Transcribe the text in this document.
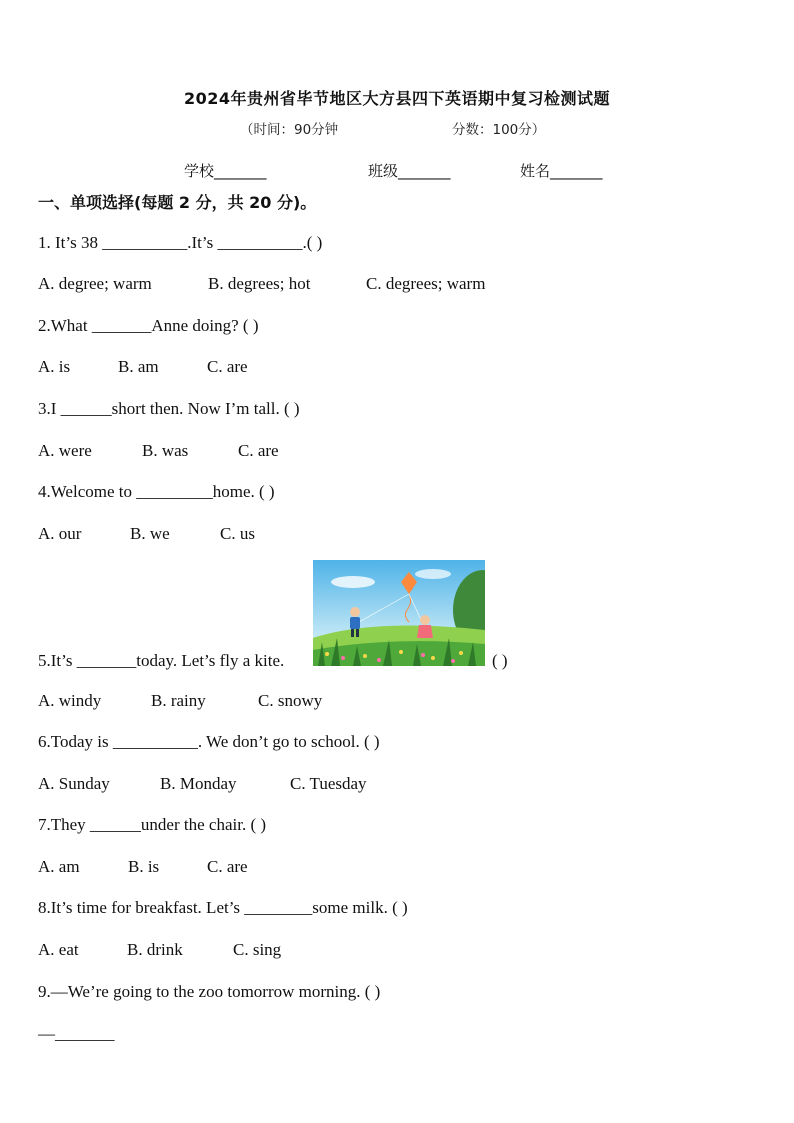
2024年贵州省毕节地区大方县四下英语期中复习检测试题
（时间：90分钟	分数：100分）
学校_______	班级_______	姓名_______
一、单项选择(每题 2 分，共 20 分)。
1. It’s 38 __________.It’s __________.( )
A. degree; warm	B. degrees; hot	C. degrees; warm
2.What _______Anne doing? ( )
A. is	B. am	C. are
3.I ______short then. Now I’m tall. ( )
A. were	B. was	C. are
4.Welcome to _________home. ( )
A. our	B. we	C. us
5.It’s _______today. Let’s fly a kite.	( )
A. windy	B. rainy	C. snowy
6.Today is __________. We don’t go to school. ( )
A. Sunday	B. Monday	C. Tuesday
7.They ______under the chair. ( )
A. am	B. is	C. are
8.It’s time for breakfast. Let’s ________some milk. ( )
A. eat	B. drink	C. sing
9.—We’re going to the zoo tomorrow morning. ( )
—_______
